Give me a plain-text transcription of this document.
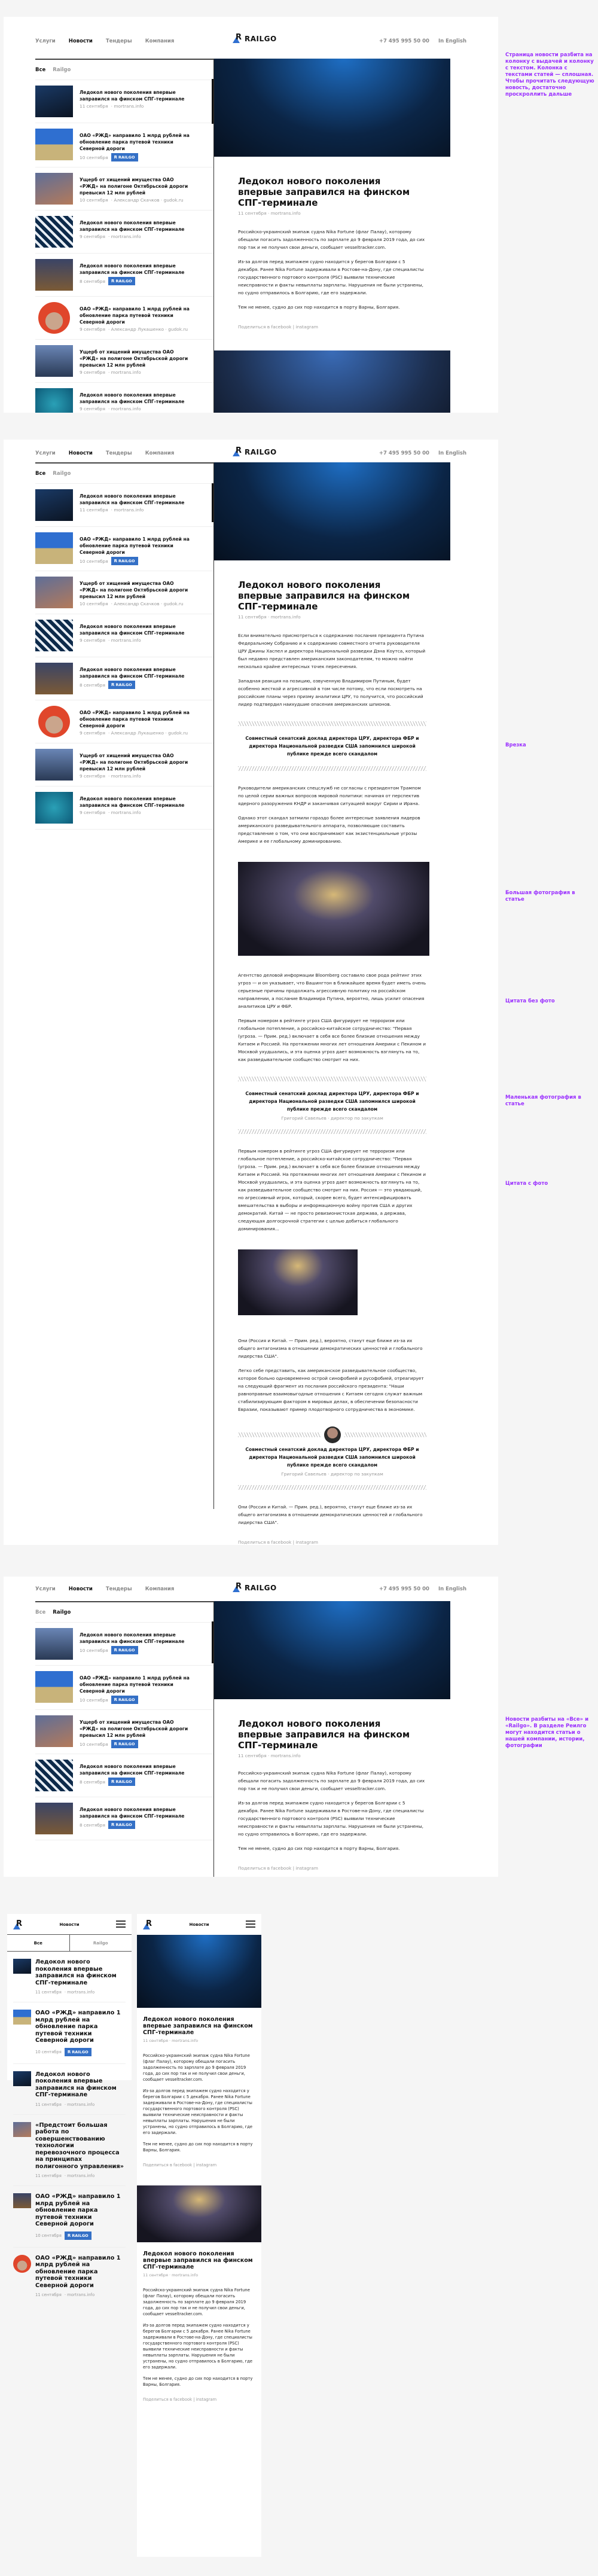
Услуги	Новости	Тендеры	Компания R	RAILGO	+7 495 995 50 00 In English
Все Railgo
Ледокол нового поколения впервые заправился на финском СПГ-терминале
11 сентября · mortrans.info
ОАО «РЖД» направило 1 млрд рублей на обновление парка путевой техники Северной дороги
10 сентября	R RAILGO
Ущерб от хищений имущества ОАО «РЖД» на полигоне Октябрьской дороги превысил 12 млн рублей
10 сентября · Александр Скачков · gudok.ru
Ледокол нового поколения впервые заправился на финском СПГ-терминале
9 сентября · mortrans.info
Ледокол нового поколения впервые заправился на финском СПГ-терминале
8 сентября	R RAILGO
ОАО «РЖД» направило 1 млрд рублей на обновление парка путевой техники Северной дороги
9 сентября · Александр Лукашенко · gudok.ru
Ущерб от хищений имущества ОАО «РЖД» на полигоне Октябрьской дороги превысил 12 млн рублей
9 сентября · mortrans.info
Ледокол нового поколения впервые заправился на финском СПГ-терминале
9 сентября · mortrans.info
Ледокол нового поколения впервые заправился на финском СПГ-терминале
11 сентября · mortrans.info

Российско-украинский экипаж судна Nika Fortune (флаг Палау), которому обещали погасить задолженность по зарплате до 9 февраля 2019 года, до сих пор так и не получил свои деньги, сообщает vesseltracker.com.

Из-за долгов перед экипажем судно находится у берегов Болгарии с 5 декабря. Ранее Nika Fortune задерживали в Ростове-на-Дону, где специалисты государственного портового контроля (PSC) выявили технические неисправности и факты невыплаты зарплаты. Нарушения не были устранены, но судно отправилось в Болгарию, где его задержали.

Тем не менее, судно до сих пор находится в порту Варны, Болгария.

Поделиться в facebook | instagram
Страница новости разбита на колонку с выдачей и колонку с текстом. Колонка с текстами статей — сплошная. Чтобы прочитать следующую новость, достаточно проскроллить дальше
Услуги	Новости	Тендеры	Компания R	RAILGO	+7 495 995 50 00 In English
Все Railgo
Ледокол нового поколения впервые заправился на финском СПГ-терминале
11 сентября · mortrans.info
ОАО «РЖД» направило 1 млрд рублей на обновление парка путевой техники Северной дороги
10 сентября	R RAILGO
Ущерб от хищений имущества ОАО «РЖД» на полигоне Октябрьской дороги превысил 12 млн рублей
10 сентября · Александр Скачков · gudok.ru
Ледокол нового поколения впервые заправился на финском СПГ-терминале
9 сентября · mortrans.info
Ледокол нового поколения впервые заправился на финском СПГ-терминале
8 сентября	R RAILGO
ОАО «РЖД» направило 1 млрд рублей на обновление парка путевой техники Северной дороги
9 сентября · Александр Лукашенко · gudok.ru
Ущерб от хищений имущества ОАО «РЖД» на полигоне Октябрьской дороги превысил 12 млн рублей
9 сентября · mortrans.info
Ледокол нового поколения впервые заправился на финском СПГ-терминале
9 сентября · mortrans.info
Ледокол нового поколения впервые заправился на финском СПГ-терминале
11 сентября · mortrans.info

Если внимательно присмотреться к содержанию послания президента Путина Федеральному Собранию и к содержанию совместного отчета руководителя ЦРУ Джины Хаспел и директора Национальной разведки Дэна Коутса, который был недавно представлен американским законодателям, то можно найти несколько крайне интересных точек пересечения.

Западная реакция на позицию, озвученную Владимиром Путиным, будет особенно жесткой и агрессивной в том числе потому, что если посмотреть на российские планы через призму аналитики ЦРУ, то получится, что российский лидер подтвердил наихудшие опасения американских шпионов.

Совместный сенатский доклад директора ЦРУ, директора ФБР и директора Национальной разведки США запомнился широкой публике прежде всего скандалом

Руководители американских спецслужб не согласны с президентом Трампом по целой серии важных вопросов мировой политики: начиная от перспектив ядерного разоружения КНДР и заканчивая ситуацией вокруг Сирии и Ирана.

Однако этот скандал затмили гораздо более интересные заявления лидеров американского разведывательного аппарата, позволяющие составить представление о том, что они воспринимают как экзистенциальные угрозы Америке и ее глобальному доминированию.

Агентство деловой информации Bloomberg составило свое рода рейтинг этих угроз — и он указывает, что Вашингтон в ближайшее время будет иметь очень серьезные причины продолжать агрессивную политику на российском направлении, а послание Владимира Путина, вероятно, лишь усилит опасения аналитиков ЦРУ и ФБР.

Первым номером в рейтинге угроз США фигурирует не терроризм или глобальное потепление, а российско-китайское сотрудничество: "Первая (угроза. — Прим. ред.) включает в себя все более близкие отношения между Китаем и Россией. На протяжении многих лет отношения Америки с Пекином и Москвой ухудшались, и эта оценка угроз дает возможность взглянуть на то, как разведывательное сообщество смотрит на них.

Совместный сенатский доклад директора ЦРУ, директора ФБР и директора Национальной разведки США запомнился широкой публике прежде всего скандалом
Григорий Савельев · директор по закупкам

Первым номером в рейтинге угроз США фигурирует не терроризм или глобальное потепление, а российско-китайское сотрудничество: "Первая (угроза. — Прим. ред.) включает в себя все более близкие отношения между Китаем и Россией. На протяжении многих лет отношения Америки с Пекином и Москвой ухудшались, и эта оценка угроз дает возможность взглянуть на то, как разведывательное сообщество смотрит на них. Россия — это увядающий, но агрессивный игрок, который, скорее всего, будет интенсифицировать вмешательства в выборы и информационную войну против США и других демократий. Китай — не просто ревизионистская держава, а держава, следующая долгосрочной стратегии с целью добиться глобального доминирования...

Они (Россия и Китай. — Прим. ред.), вероятно, станут еще ближе из-за их общего антагонизма в отношении демократических ценностей и глобального лидерства США".

Легко себе представить, как американское разведывательное сообщество, которое больно одновременно острой синофобией и русофобией, отреагирует на следующий фрагмент из послания российского президента: "Наши равноправные взаимовыгодные отношения с Китаем сегодня служат важным стабилизирующим фактором в мировых делах, в обеспечении безопасности Евразии, показывают пример плодотворного сотрудничества в экономике.

Совместный сенатский доклад директора ЦРУ, директора ФБР и директора Национальной разведки США запомнился широкой публике прежде всего скандалом
Григорий Савельев · директор по закупкам

Они (Россия и Китай. — Прим. ред.), вероятно, станут еще ближе из-за их общего антагонизма в отношении демократических ценностей и глобального лидерства США".

Поделиться в facebook | instagram
Врезка
Большая фотография в статье
Цитата без фото
Маленькая фотография в статье
Цитата с фото
Услуги	Новости	Тендеры	Компания R	RAILGO	+7 495 995 50 00 In English
Все Railgo
Ледокол нового поколения впервые заправился на финском СПГ-терминале
10 сентября	R RAILGO
ОАО «РЖД» направило 1 млрд рублей на обновление парка путевой техники Северной дороги
10 сентября	R RAILGO
Ущерб от хищений имущества ОАО «РЖД» на полигоне Октябрьской дороги превысил 12 млн рублей
10 сентября	R RAILGO
Ледокол нового поколения впервые заправился на финском СПГ-терминале
8 сентября	R RAILGO
Ледокол нового поколения впервые заправился на финском СПГ-терминале
8 сентября	R RAILGO
Ледокол нового поколения впервые заправился на финском СПГ-терминале
11 сентября · mortrans.info

Российско-украинский экипаж судна Nika Fortune (флаг Палау), которому обещали погасить задолженность по зарплате до 9 февраля 2019 года, до сих пор так и не получил свои деньги, сообщает vesseltracker.com.

Из-за долгов перед экипажем судно находится у берегов Болгарии с 5 декабря. Ранее Nika Fortune задерживали в Ростове-на-Дону, где специалисты государственного портового контроля (PSC) выявили технические неисправности и факты невыплаты зарплаты. Нарушения не были устранены, но судно отправилось в Болгарию, где его задержали.

Тем не менее, судно до сих пор находится в порту Варны, Болгария.

Поделиться в facebook | instagram
Новости разбиты на «Все» и «Railgo». В разделе Реилго могут находится статьи о нашей компании, истории, фотографии
R
Новости
Все	Railgo
Ледокол нового поколения впервые заправился на финском СПГ-терминале
11 сентября · mortrans.info
ОАО «РЖД» направило 1 млрд рублей на обновление парка путевой техники Северной дороги
10 сентября	R RAILGO
Ледокол нового поколения впервые заправился на финском СПГ-терминале
11 сентября · mortrans.info
«Предстоит большая работа по совершенствованию технологии перевозочного процесса на принципах полигонного управления»
11 сентября · mortrans.info
ОАО «РЖД» направило 1 млрд рублей на обновление парка путевой техники Северной дороги
10 сентября	R RAILGO
ОАО «РЖД» направило 1 млрд рублей на обновление парка путевой техники Северной дороги
11 сентября · mortrans.info
R
Новости
Ледокол нового поколения впервые заправился на финском СПГ-терминале
11 сентября · mortrans.info

Российско-украинский экипаж судна Nika Fortune (флаг Палау), которому обещали погасить задолженность по зарплате до 9 февраля 2019 года, до сих пор так и не получил свои деньги, сообщает vesseltracker.com.

Из-за долгов перед экипажем судно находится у берегов Болгарии с 5 декабря. Ранее Nika Fortune задерживали в Ростове-на-Дону, где специалисты государственного портового контроля (PSC) выявили технические неисправности и факты невыплаты зарплаты. Нарушения не были устранены, но судно отправилось в Болгарию, где его задержали.

Тем не менее, судно до сих пор находится в порту Варны, Болгария.

Поделиться в facebook | instagram
Ледокол нового поколения впервые заправился на финском СПГ-терминале
11 сентября · mortrans.info

Российско-украинский экипаж судна Nika Fortune (флаг Палау), которому обещали погасить задолженность по зарплате до 9 февраля 2019 года, до сих пор так и не получил свои деньги, сообщает vesseltracker.com.

Из-за долгов перед экипажем судно находится у берегов Болгарии с 5 декабря. Ранее Nika Fortune задерживали в Ростове-на-Дону, где специалисты государственного портового контроля (PSC) выявили технические неисправности и факты невыплаты зарплаты. Нарушения не были устранены, но судно отправилось в Болгарию, где его задержали.

Тем не менее, судно до сих пор находится в порту Варны, Болгария.

Поделиться в facebook | instagram
